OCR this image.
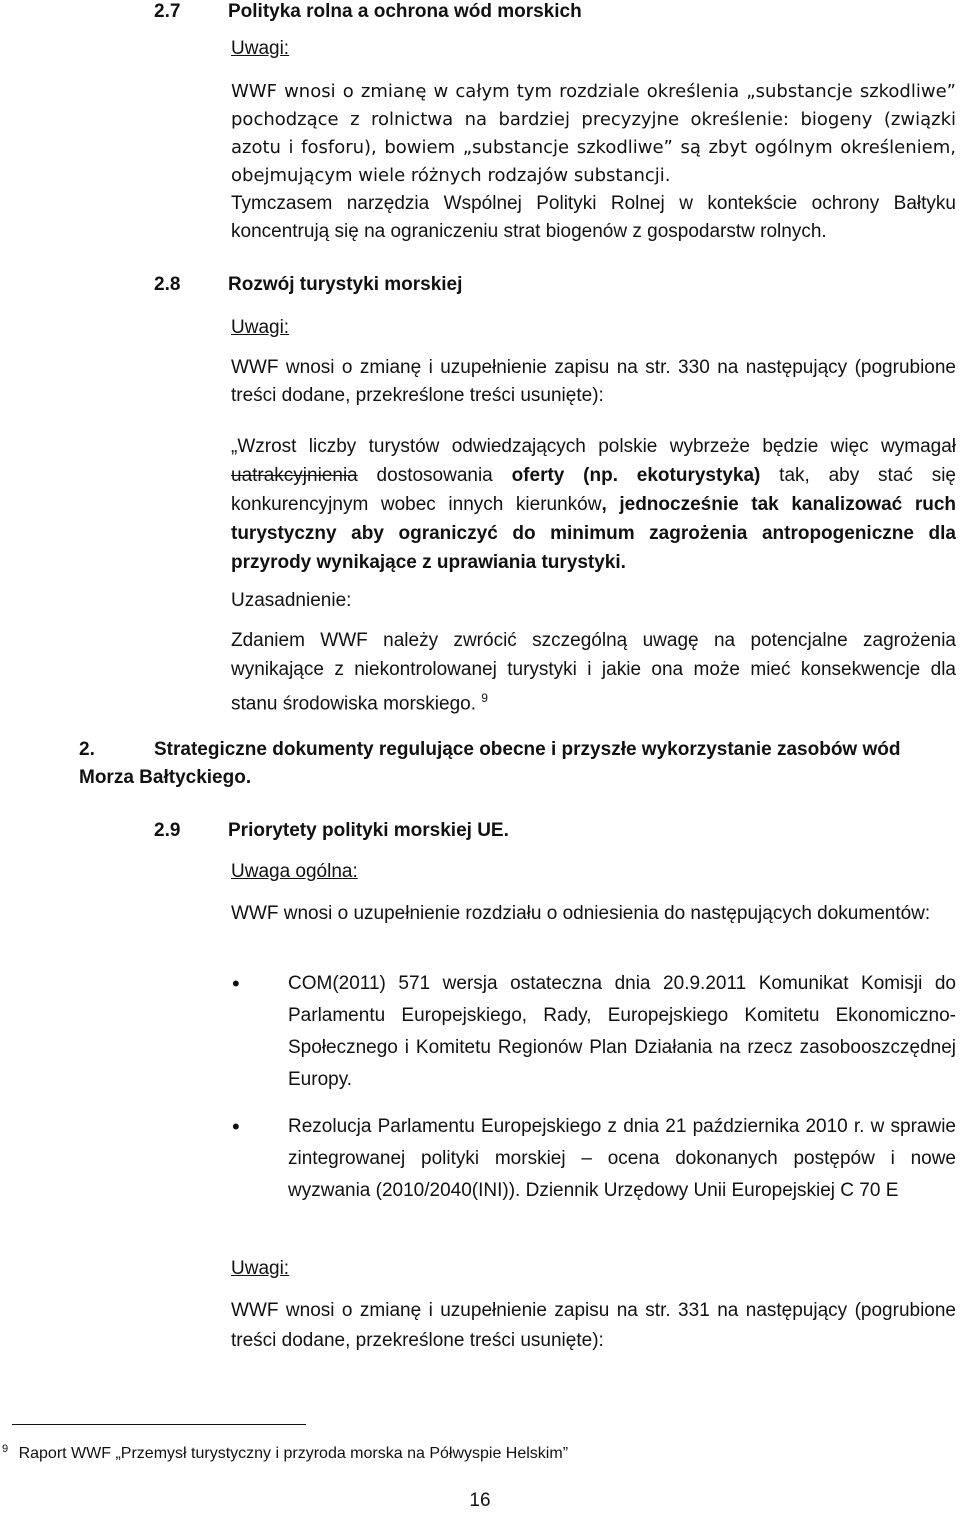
2.7	Polityka rolna a ochrona wód morskich
Uwagi:
WWF wnosi o zmianę w całym tym rozdziale określenia „substancje szkodliwe” pochodzące z rolnictwa na bardziej precyzyjne określenie: biogeny (związki azotu i fosforu), bowiem „substancje szkodliwe” są zbyt ogólnym określeniem, obejmującym wiele różnych rodzajów substancji.
Tymczasem narzędzia Wspólnej Polityki Rolnej w kontekście ochrony Bałtyku koncentrują się na ograniczeniu strat biogenów z gospodarstw rolnych.
2.8	Rozwój turystyki morskiej
Uwagi:
WWF wnosi o zmianę i uzupełnienie zapisu na str. 330 na następujący (pogrubione treści dodane, przekreślone treści usunięte):
„Wzrost liczby turystów odwiedzających polskie wybrzeże będzie więc wymagał uatrakcyjnienia dostosowania oferty (np. ekoturystyka) tak, aby stać się konkurencyjnym wobec innych kierunków, jednocześnie tak kanalizować ruch turystyczny aby ograniczyć do minimum zagrożenia antropogeniczne dla przyrody wynikające z uprawiania turystyki.
Uzasadnienie:
Zdaniem WWF należy zwrócić szczególną uwagę na potencjalne zagrożenia wynikające z niekontrolowanej turystyki i jakie ona może mieć konsekwencje dla stanu środowiska morskiego. $^9$
2.	Strategiczne dokumenty regulujące obecne i przyszłe wykorzystanie zasobów wód Morza Bałtyckiego.
2.9	Priorytety polityki morskiej UE.
Uwaga ogólna:
WWF wnosi o uzupełnienie rozdziału o odniesienia do następujących dokumentów:
•	COM(2011) 571 wersja ostateczna dnia 20.9.2011 Komunikat Komisji do Parlamentu Europejskiego, Rady, Europejskiego Komitetu Ekonomiczno-Społecznego i Komitetu Regionów Plan Działania na rzecz zasobooszczędnej Europy.
•	Rezolucja Parlamentu Europejskiego z dnia 21 października 2010 r. w sprawie zintegrowanej polityki morskiej – ocena dokonanych postępów i nowe wyzwania (2010/2040(INI)). Dziennik Urzędowy Unii Europejskiej C 70 E
Uwagi:
WWF wnosi o zmianę i uzupełnienie zapisu na str. 331 na następujący (pogrubione treści dodane, przekreślone treści usunięte):
$^9$ Raport WWF „Przemysł turystyczny i przyroda morska na Półwyspie Helskim”
16
